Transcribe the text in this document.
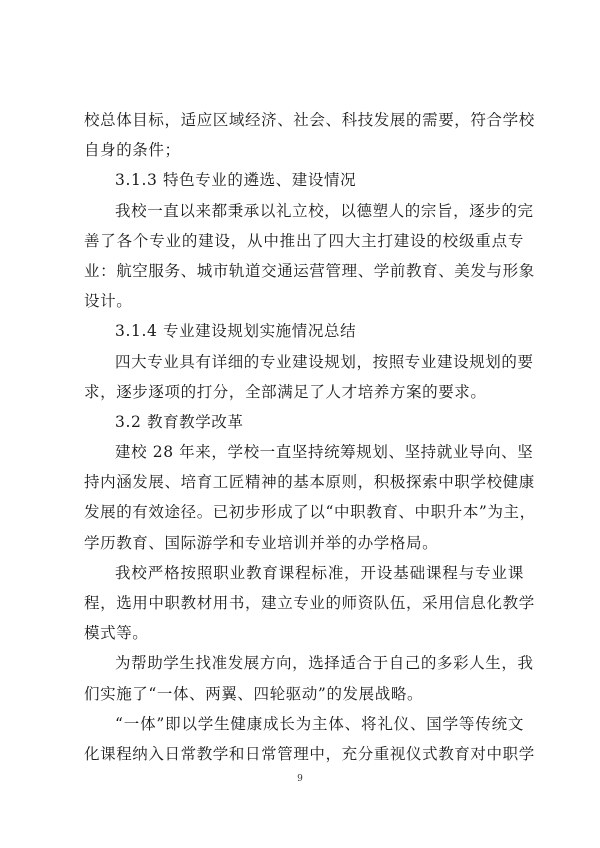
校总体目标，适应区域经济、社会、科技发展的需要，符合学校
自身的条件；
3.1.3 特色专业的遴选、建设情况
我校一直以来都秉承以礼立校，以德塑人的宗旨，逐步的完
善了各个专业的建设，从中推出了四大主打建设的校级重点专
业：航空服务、城市轨道交通运营管理、学前教育、美发与形象
设计。
3.1.4 专业建设规划实施情况总结
四大专业具有详细的专业建设规划，按照专业建设规划的要
求，逐步逐项的打分，全部满足了人才培养方案的要求。
3.2 教育教学改革
建校 28 年来，学校一直坚持统筹规划、坚持就业导向、坚
持内涵发展、培育工匠精神的基本原则，积极探索中职学校健康
发展的有效途径。已初步形成了以“中职教育、中职升本”为主，
学历教育、国际游学和专业培训并举的办学格局。
我校严格按照职业教育课程标准，开设基础课程与专业课
程，选用中职教材用书，建立专业的师资队伍，采用信息化教学
模式等。
为帮助学生找准发展方向，选择适合于自己的多彩人生，我
们实施了“一体、两翼、四轮驱动”的发展战略。
“一体”即以学生健康成长为主体、将礼仪、国学等传统文
化课程纳入日常教学和日常管理中，充分重视仪式教育对中职学
9
